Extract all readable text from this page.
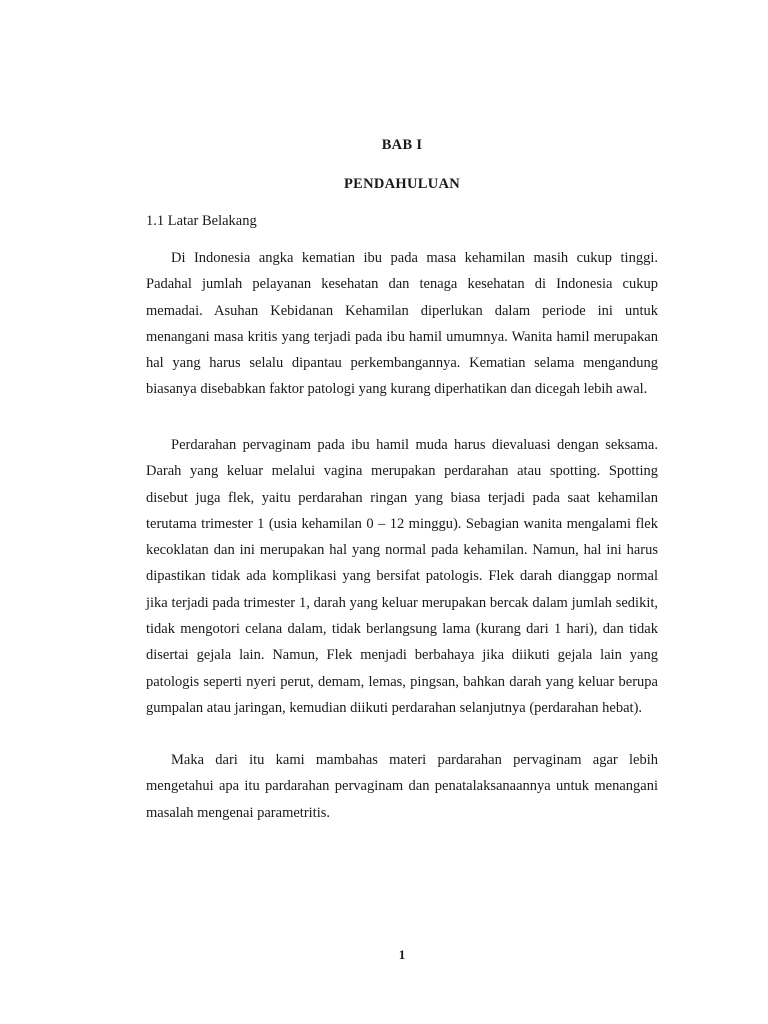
BAB I
PENDAHULUAN
1.1 Latar Belakang

Di Indonesia angka kematian ibu pada masa kehamilan masih cukup tinggi. Padahal jumlah pelayanan kesehatan dan tenaga kesehatan di Indonesia cukup memadai. Asuhan Kebidanan Kehamilan diperlukan dalam periode ini untuk menangani masa kritis yang terjadi pada ibu hamil umumnya. Wanita hamil merupakan hal yang harus selalu dipantau perkembangannya. Kematian selama mengandung biasanya disebabkan faktor patologi yang kurang diperhatikan dan dicegah lebih awal.

Perdarahan pervaginam pada ibu hamil muda harus dievaluasi dengan seksama. Darah yang keluar melalui vagina merupakan perdarahan atau spotting. Spotting disebut juga flek, yaitu perdarahan ringan yang biasa terjadi pada saat kehamilan terutama trimester 1 (usia kehamilan 0 – 12 minggu). Sebagian wanita mengalami flek kecoklatan dan ini merupakan hal yang normal pada kehamilan. Namun, hal ini harus dipastikan tidak ada komplikasi yang bersifat patologis. Flek darah dianggap normal jika terjadi pada trimester 1, darah yang keluar merupakan bercak dalam jumlah sedikit, tidak mengotori celana dalam, tidak berlangsung lama (kurang dari 1 hari), dan tidak disertai gejala lain. Namun, Flek menjadi berbahaya jika diikuti gejala lain yang patologis seperti nyeri perut, demam, lemas, pingsan, bahkan darah yang keluar berupa gumpalan atau jaringan, kemudian diikuti perdarahan selanjutnya (perdarahan hebat).

Maka dari itu kami mambahas materi pardarahan pervaginam agar lebih mengetahui apa itu pardarahan pervaginam dan penatalaksanaannya untuk menangani masalah mengenai parametritis.

1
